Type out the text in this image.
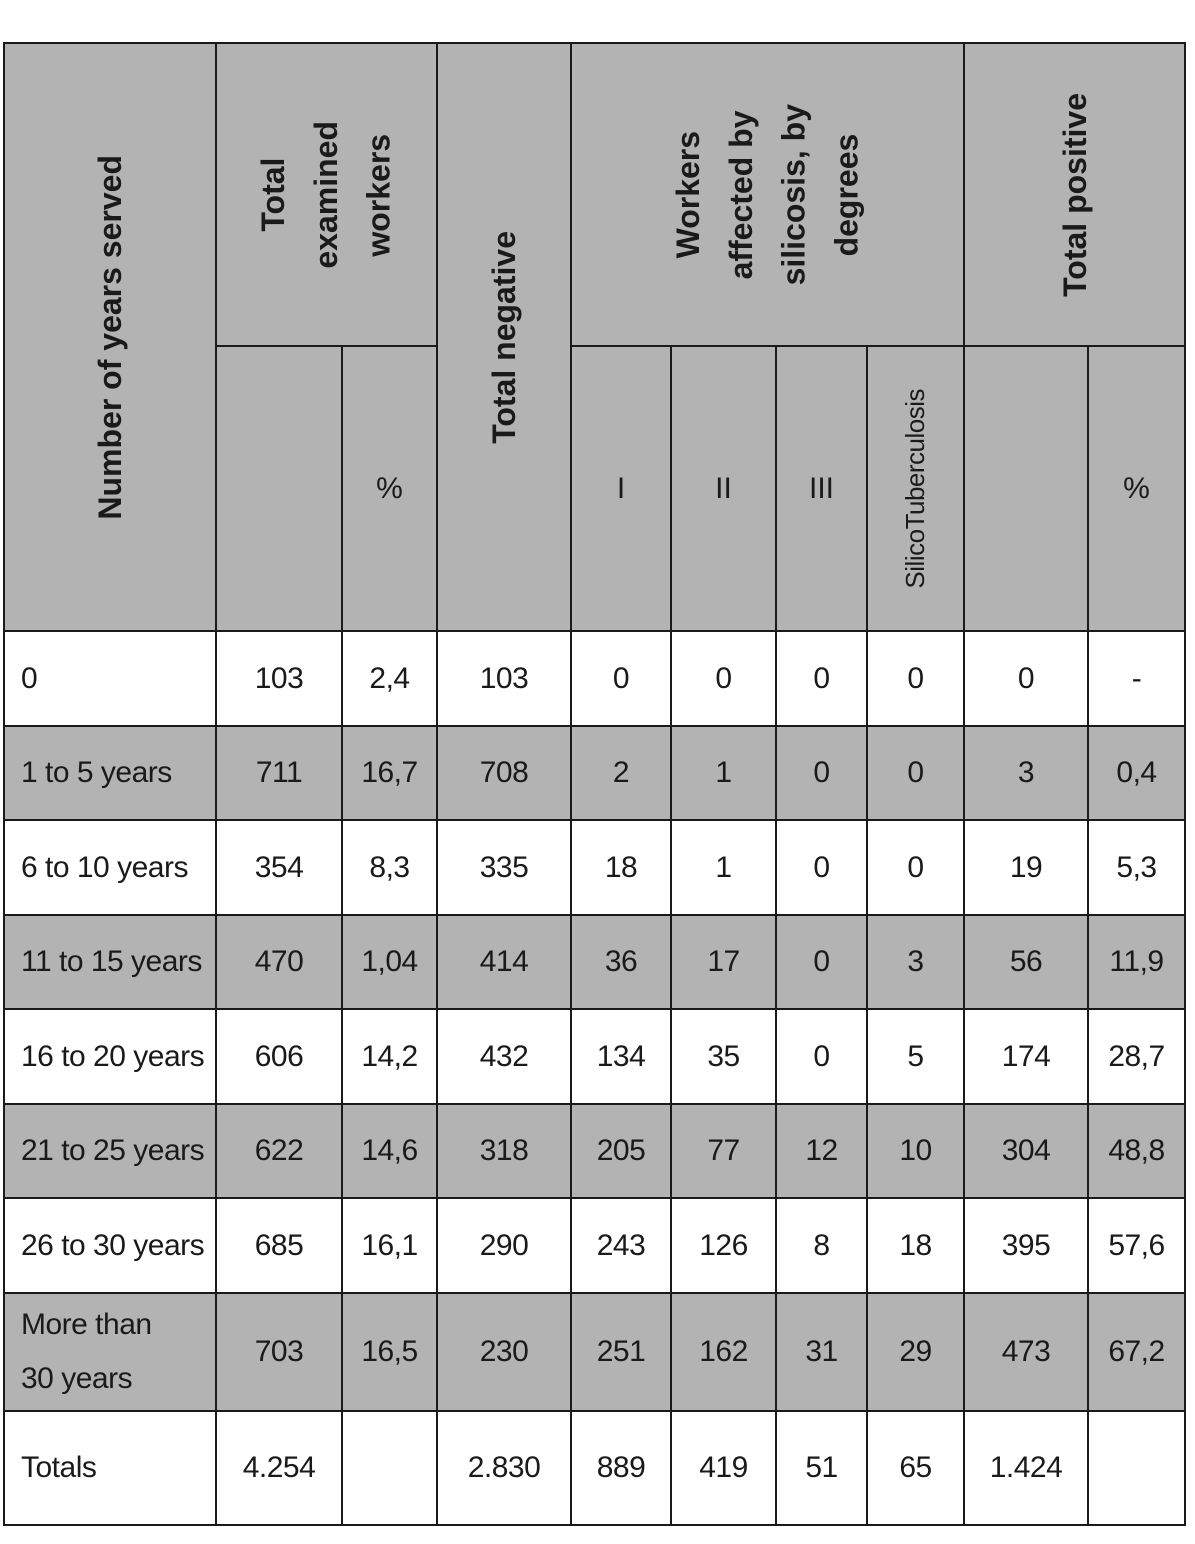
Number of years served	Total examined workers		Total negative	Workers affected by silicosis, by degrees				Total positive	

		%		I	II	III	SilicoTuberculosis		%
0	103	2,4	103	0	0	0	0	0	-
1 to 5 years	711	16,7	708	2	1	0	0	3	0,4
6 to 10 years	354	8,3	335	18	1	0	0	19	5,3
11 to 15 years	470	1,04	414	36	17	0	3	56	11,9
16 to 20 years	606	14,2	432	134	35	0	5	174	28,7
21 to 25 years	622	14,6	318	205	77	12	10	304	48,8
26 to 30 years	685	16,1	290	243	126	8	18	395	57,6
More than 30 years	703	16,5	230	251	162	31	29	473	67,2
Totals	4.254		2.830	889	419	51	65	1.424	
